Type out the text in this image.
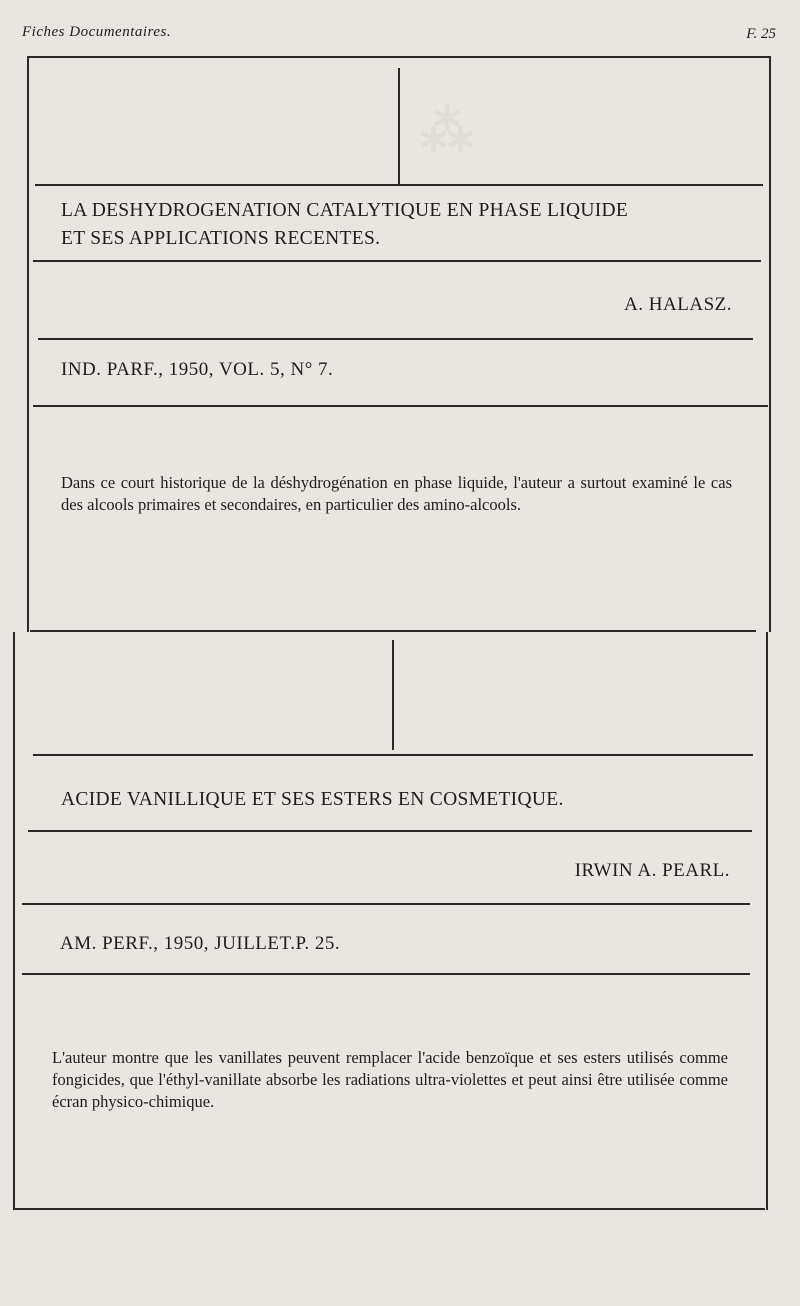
⁂
Fiches Documentaires.	F. 25
LA DESHYDROGENATION CATALYTIQUE EN PHASE LIQUIDE
ET SES APPLICATIONS RECENTES.
A. HALASZ.
IND. PARF., 1950, VOL. 5, N° 7.
Dans ce court historique de la déshydrogénation en phase liquide, l'auteur a surtout examiné le cas des alcools primaires et secondaires, en particulier des amino-alcools.
ACIDE VANILLIQUE ET SES ESTERS EN COSMETIQUE.
IRWIN A. PEARL.
AM. PERF., 1950, JUILLET.P. 25.
L'auteur montre que les vanillates peuvent remplacer l'acide benzoïque et ses esters utilisés comme fongicides, que l'éthyl-vanillate absorbe les radiations ultra-violettes et peut ainsi être utilisée comme écran physico-chimique.
